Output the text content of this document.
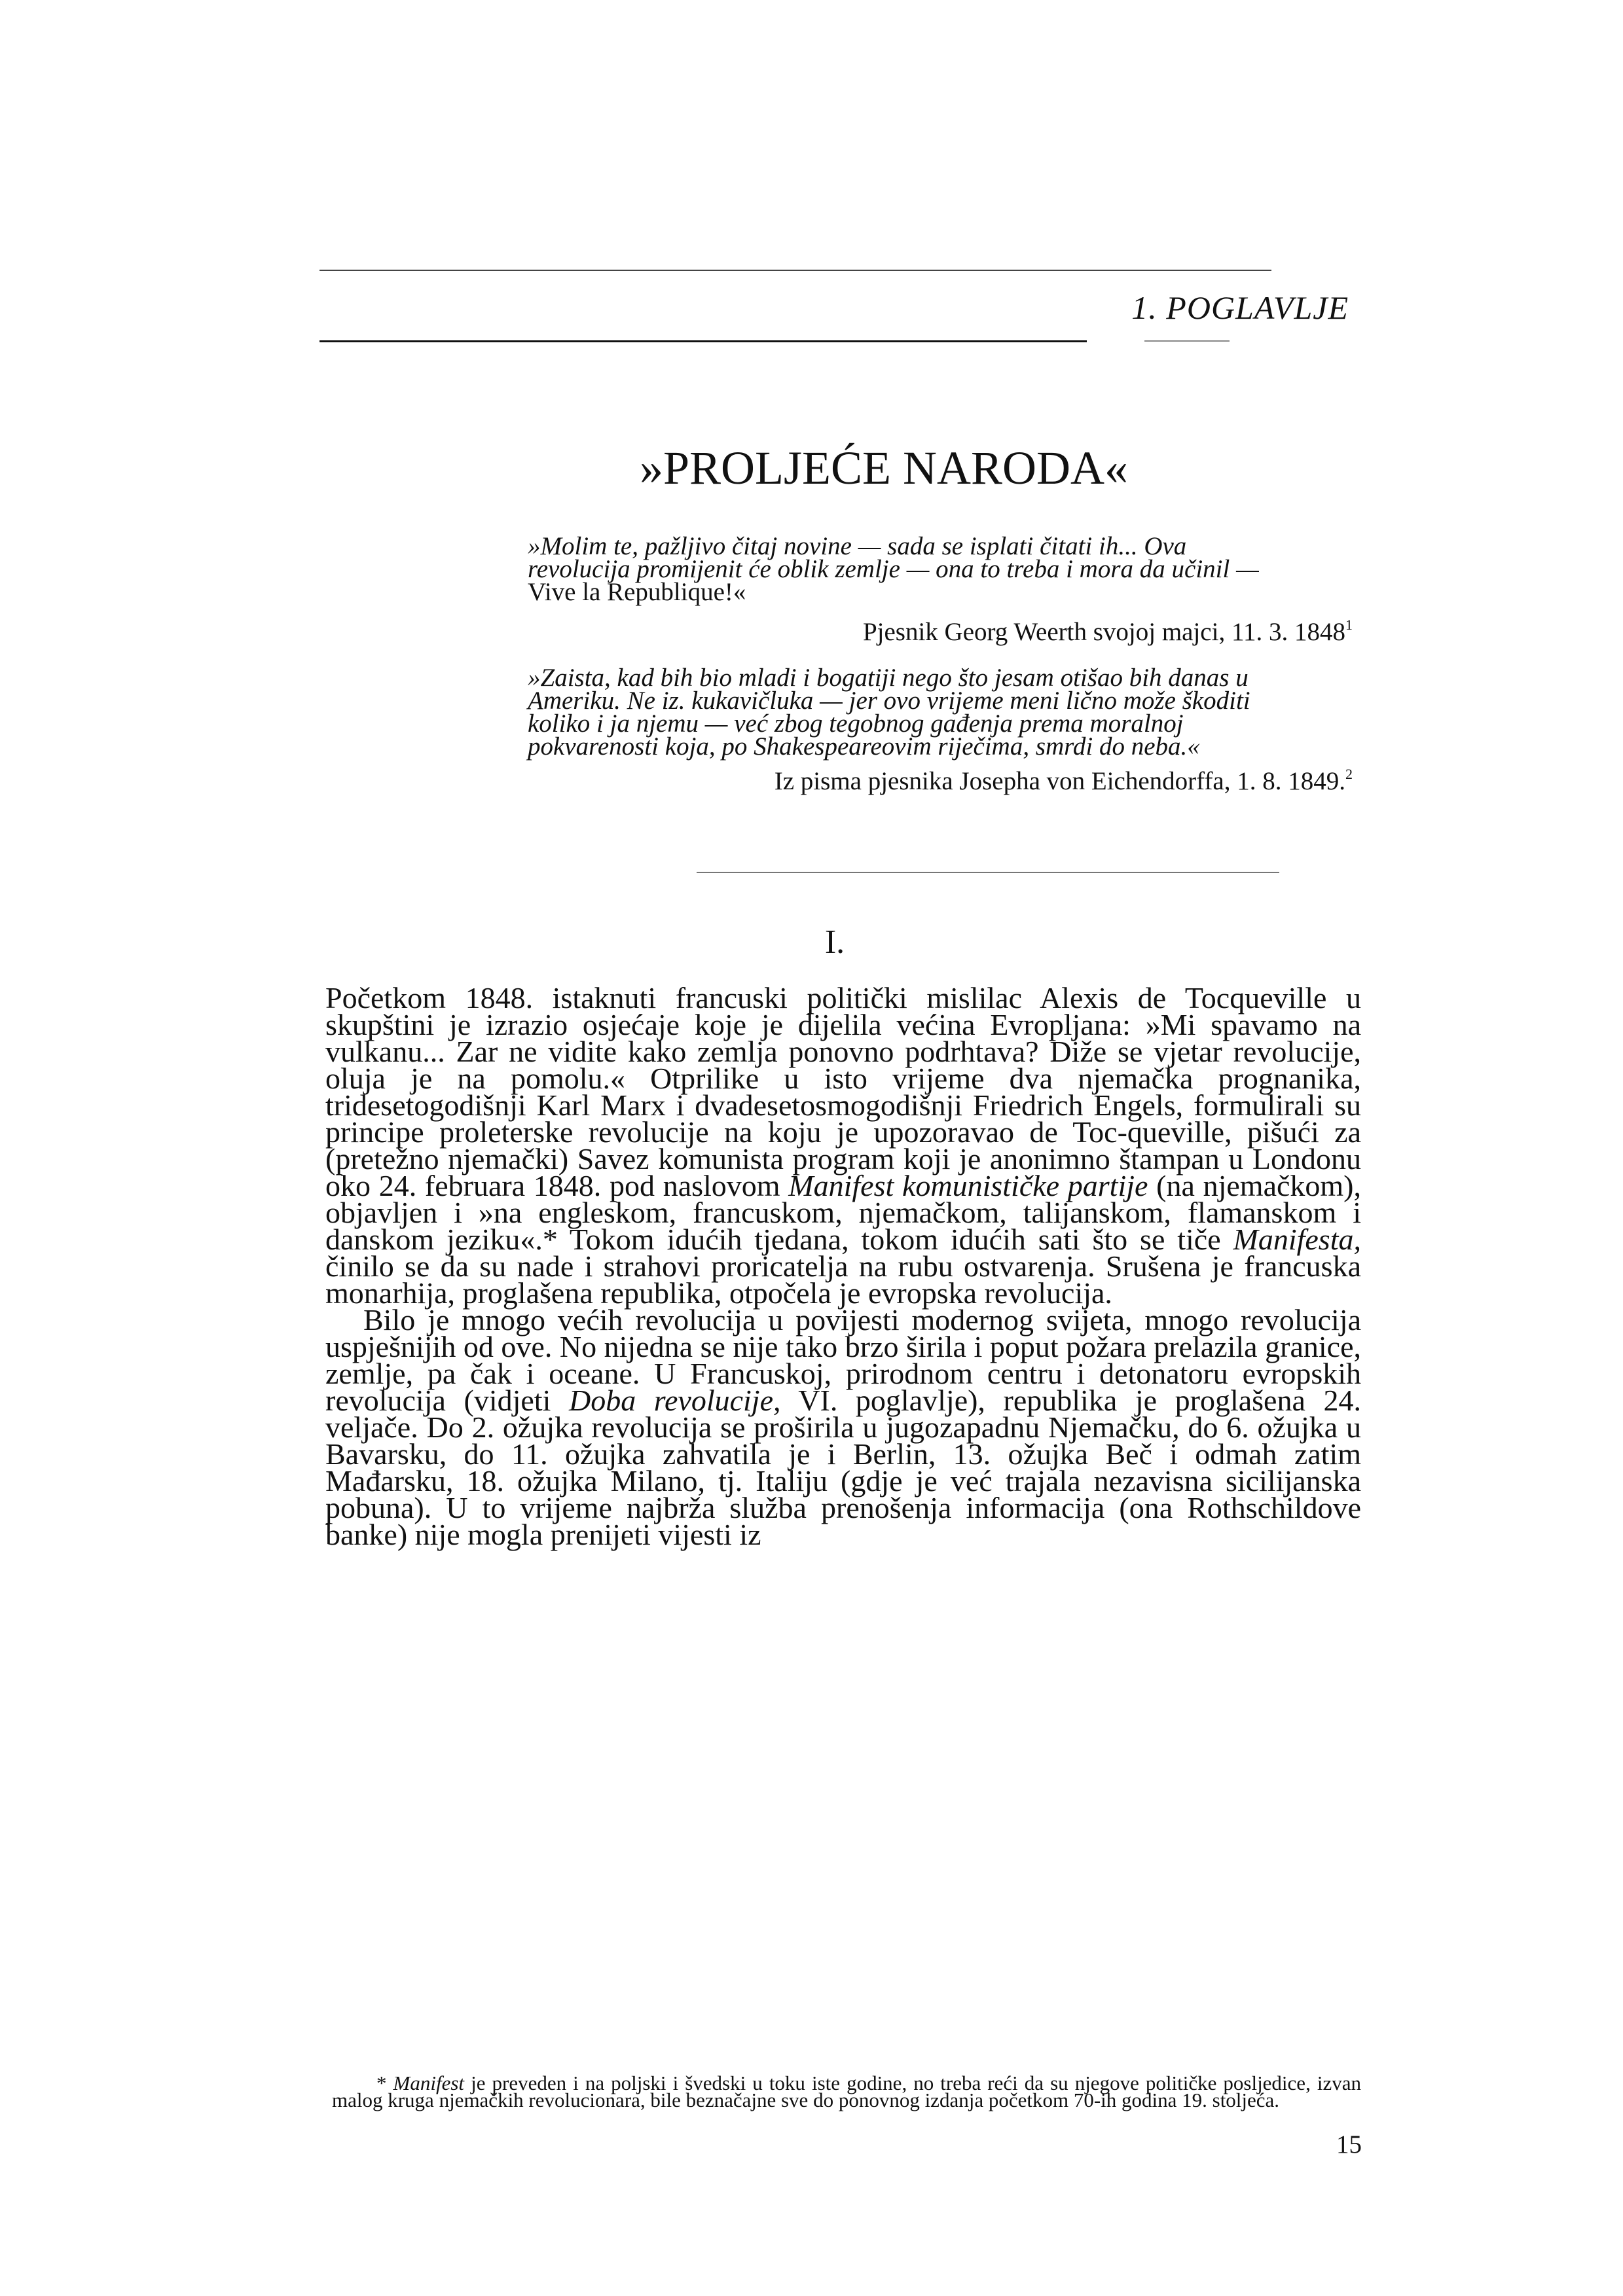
1. POGLAVLJE
»PROLJEĆE NARODA«
»Molim te, pažljivo čitaj novine — sada se isplati čitati ih... Ova
revolucija promijenit će oblik zemlje — ona to treba i mora da učinil —
Vive la Republique!«
Pjesnik Georg Weerth svojoj majci, 11. 3. 1848$^1$
»Zaista, kad bih bio mladi i bogatiji nego što jesam otišao bih danas u
Ameriku. Ne iz. kukavičluka — jer ovo vrijeme meni lično može škoditi
koliko i ja njemu — već zbog tegobnog gađenja prema moralnoj
pokvarenosti koja, po Shakespeareovim riječima, smrdi do neba.«
Iz pisma pjesnika Josepha von Eichendorffa, 1. 8. 1849.$^2$
I.

Početkom 1848. istaknuti francuski politički mislilac Alexis de Tocqueville u skupštini je izrazio osjećaje koje je dijelila većina Evropljana: »Mi spavamo na vulkanu... Zar ne vidite kako zemlja ponovno podrhtava? Diže se vjetar revolucije, oluja je na pomolu.« Otprilike u isto vrijeme dva njemačka prognanika, tridesetogodišnji Karl Marx i dvadesetosmogodišnji Friedrich Engels, formulirali su principe proleterske revolucije na koju je upozoravao de Toc-queville, pišući za (pretežno njemački) Savez komunista program koji je anonimno štampan u Londonu oko 24. februara 1848. pod naslovom Manifest komunističke partije (na njemačkom), objavljen i »na engleskom, francuskom, njemačkom, talijanskom, flamanskom i danskom jeziku«.* Tokom idućih tjedana, tokom idućih sati što se tiče Manifesta, činilo se da su nade i strahovi proricatelja na rubu ostvarenja. Srušena je francuska monarhija, proglašena republika, otpočela je evropska revolucija.

Bilo je mnogo većih revolucija u povijesti modernog svijeta, mnogo revolucija uspješnijih od ove. No nijedna se nije tako brzo širila i poput požara prelazila granice, zemlje, pa čak i oceane. U Francuskoj, prirodnom centru i detonatoru evropskih revolucija (vidjeti Doba revolucije, VI. poglavlje), republika je proglašena 24. veljače. Do 2. ožujka revolucija se proširila u jugozapadnu Njemačku, do 6. ožujka u Bavarsku, do 11. ožujka zahvatila je i Berlin, 13. ožujka Beč i odmah zatim Mađarsku, 18. ožujka Milano, tj. Italiju (gdje je već trajala nezavisna sicilijanska pobuna). U to vrijeme najbrža služba prenošenja informacija (ona Rothschildove banke) nije mogla prenijeti vijesti iz

* Manifest je preveden i na poljski i švedski u toku iste godine, no treba reći da su njegove političke posljedice, izvan malog kruga njemačkih revolucionara, bile beznačajne sve do ponovnog izdanja početkom 70-ih godina 19. stoljeća.
15
